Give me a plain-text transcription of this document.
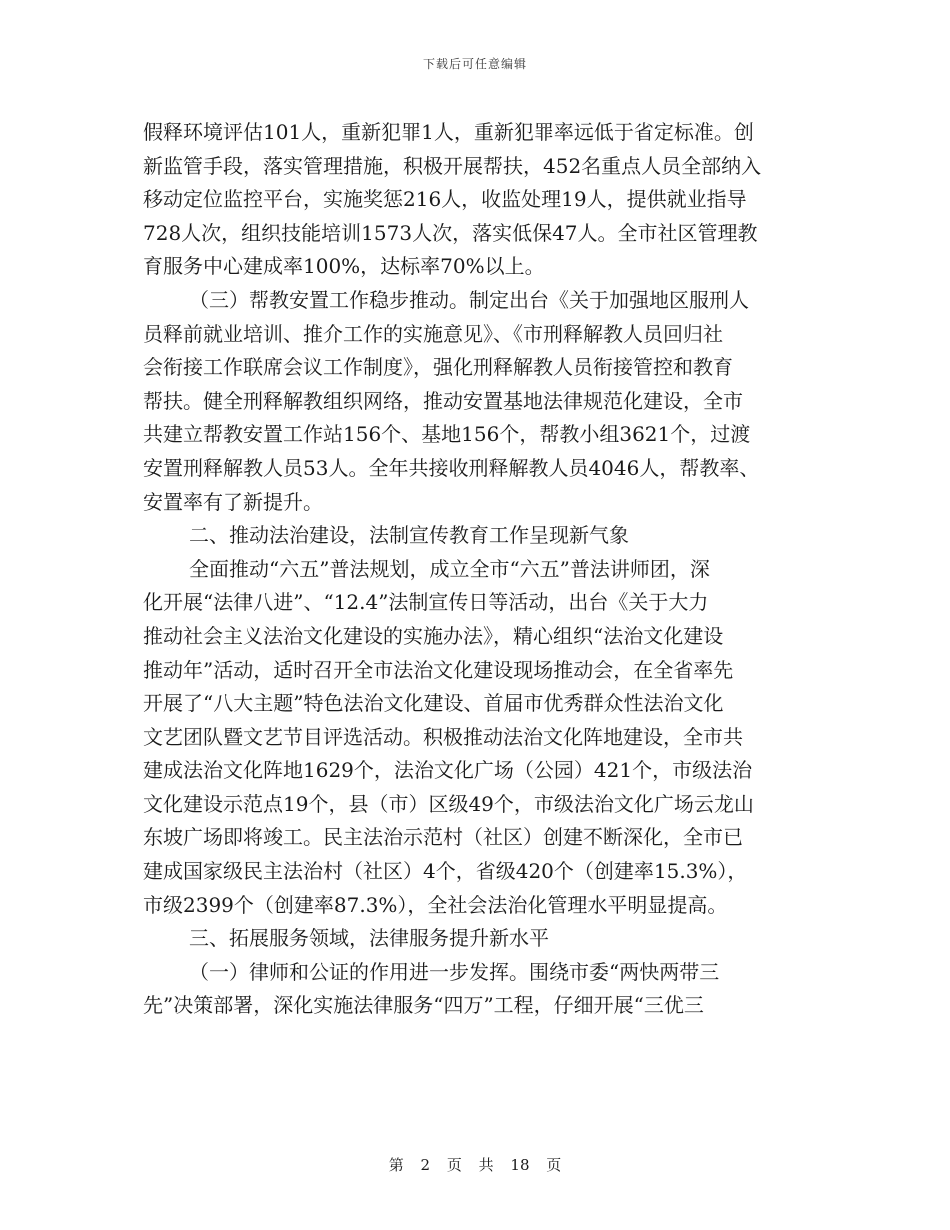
下载后可任意编辑
假释环境评估101人，重新犯罪1人，重新犯罪率远低于省定标准。创
新监管手段，落实管理措施，积极开展帮扶，452名重点人员全部纳入
移动定位监控平台，实施奖惩216人，收监处理19人，提供就业指导
728人次，组织技能培训1573人次，落实低保47人。全市社区管理教
育服务中心建成率100%，达标率70%以上。
（三）帮教安置工作稳步推动。制定出台《关于加强地区服刑人
员释前就业培训、推介工作的实施意见》、《市刑释解教人员回归社
会衔接工作联席会议工作制度》，强化刑释解教人员衔接管控和教育
帮扶。健全刑释解教组织网络，推动安置基地法律规范化建设，全市
共建立帮教安置工作站156个、基地156个，帮教小组3621个，过渡
安置刑释解教人员53人。全年共接收刑释解教人员4046人，帮教率、
安置率有了新提升。
二、推动法治建设，法制宣传教育工作呈现新气象
全面推动“六五”普法规划，成立全市“六五”普法讲师团，深
化开展“法律八进”、“12.4”法制宣传日等活动，出台《关于大力
推动社会主义法治文化建设的实施办法》，精心组织“法治文化建设
推动年”活动，适时召开全市法治文化建设现场推动会，在全省率先
开展了“八大主题”特色法治文化建设、首届市优秀群众性法治文化
文艺团队暨文艺节目评选活动。积极推动法治文化阵地建设，全市共
建成法治文化阵地1629个，法治文化广场（公园）421个，市级法治
文化建设示范点19个，县（市）区级49个，市级法治文化广场云龙山
东坡广场即将竣工。民主法治示范村（社区）创建不断深化，全市已
建成国家级民主法治村（社区）4个，省级420个（创建率15.3%），
市级2399个（创建率87.3%），全社会法治化管理水平明显提高。
三、拓展服务领域，法律服务提升新水平
（一）律师和公证的作用进一步发挥。围绕市委“两快两带三
先”决策部署，深化实施法律服务“四万”工程，仔细开展“三优三
第 2 页 共 18 页
